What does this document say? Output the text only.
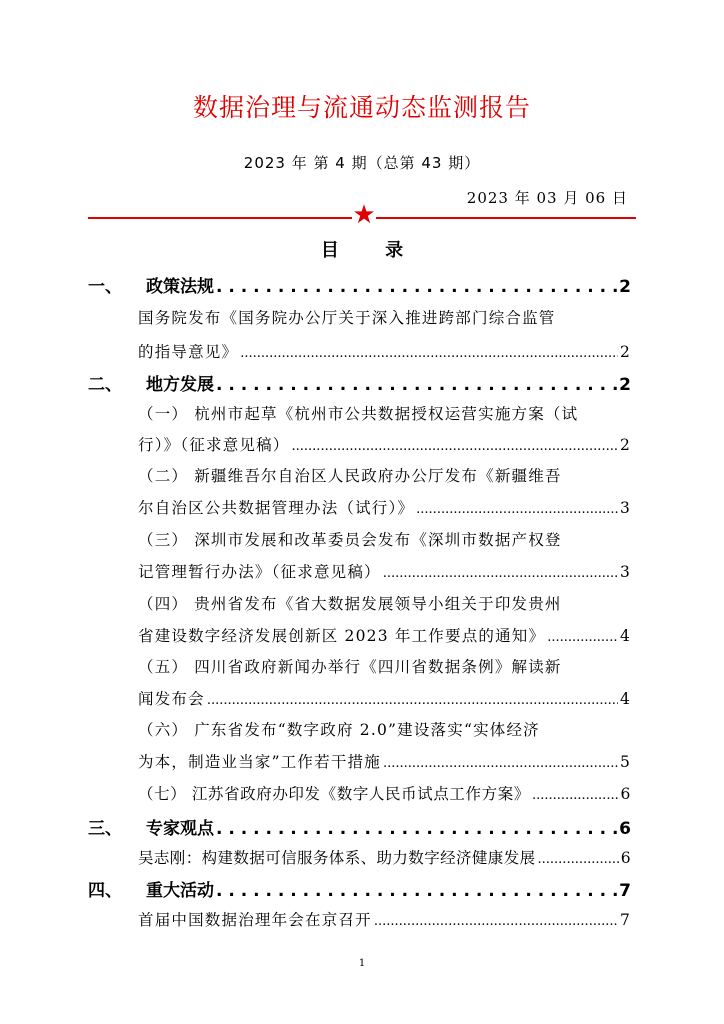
数据治理与流通动态监测报告
2023 年 第 4 期（总第 43 期）
2023 年 03 月 06 日
★
目 录
一、 政策法规 . . .	2
国务院发布《国务院办公厅关于深入推进跨部门综合监管
的指导意见》 .....	2
二、 地方发展 . . .	2
（一） 杭州市起草《杭州市公共数据授权运营实施方案（试
行）》（征求意见稿） .....	2
（二） 新疆维吾尔自治区人民政府办公厅发布《新疆维吾
尔自治区公共数据管理办法（试行）》 .....	3
（三） 深圳市发展和改革委员会发布《深圳市数据产权登
记管理暂行办法》（征求意见稿） .....	3
（四） 贵州省发布《省大数据发展领导小组关于印发贵州
省建设数字经济发展创新区 2023 年工作要点的通知》 .....	4
（五） 四川省政府新闻办举行《四川省数据条例》解读新
闻发布会 .....	4
（六） 广东省发布“数字政府 2.0”建设落实“实体经济
为本，制造业当家”工作若干措施 .....	5
（七） 江苏省政府办印发《数字人民币试点工作方案》 .....	6
三、 专家观点 . . .	6
吴志刚：构建数据可信服务体系、助力数字经济健康发展 .....	6
四、 重大活动 . . .	7
首届中国数据治理年会在京召开 .....	7
1
